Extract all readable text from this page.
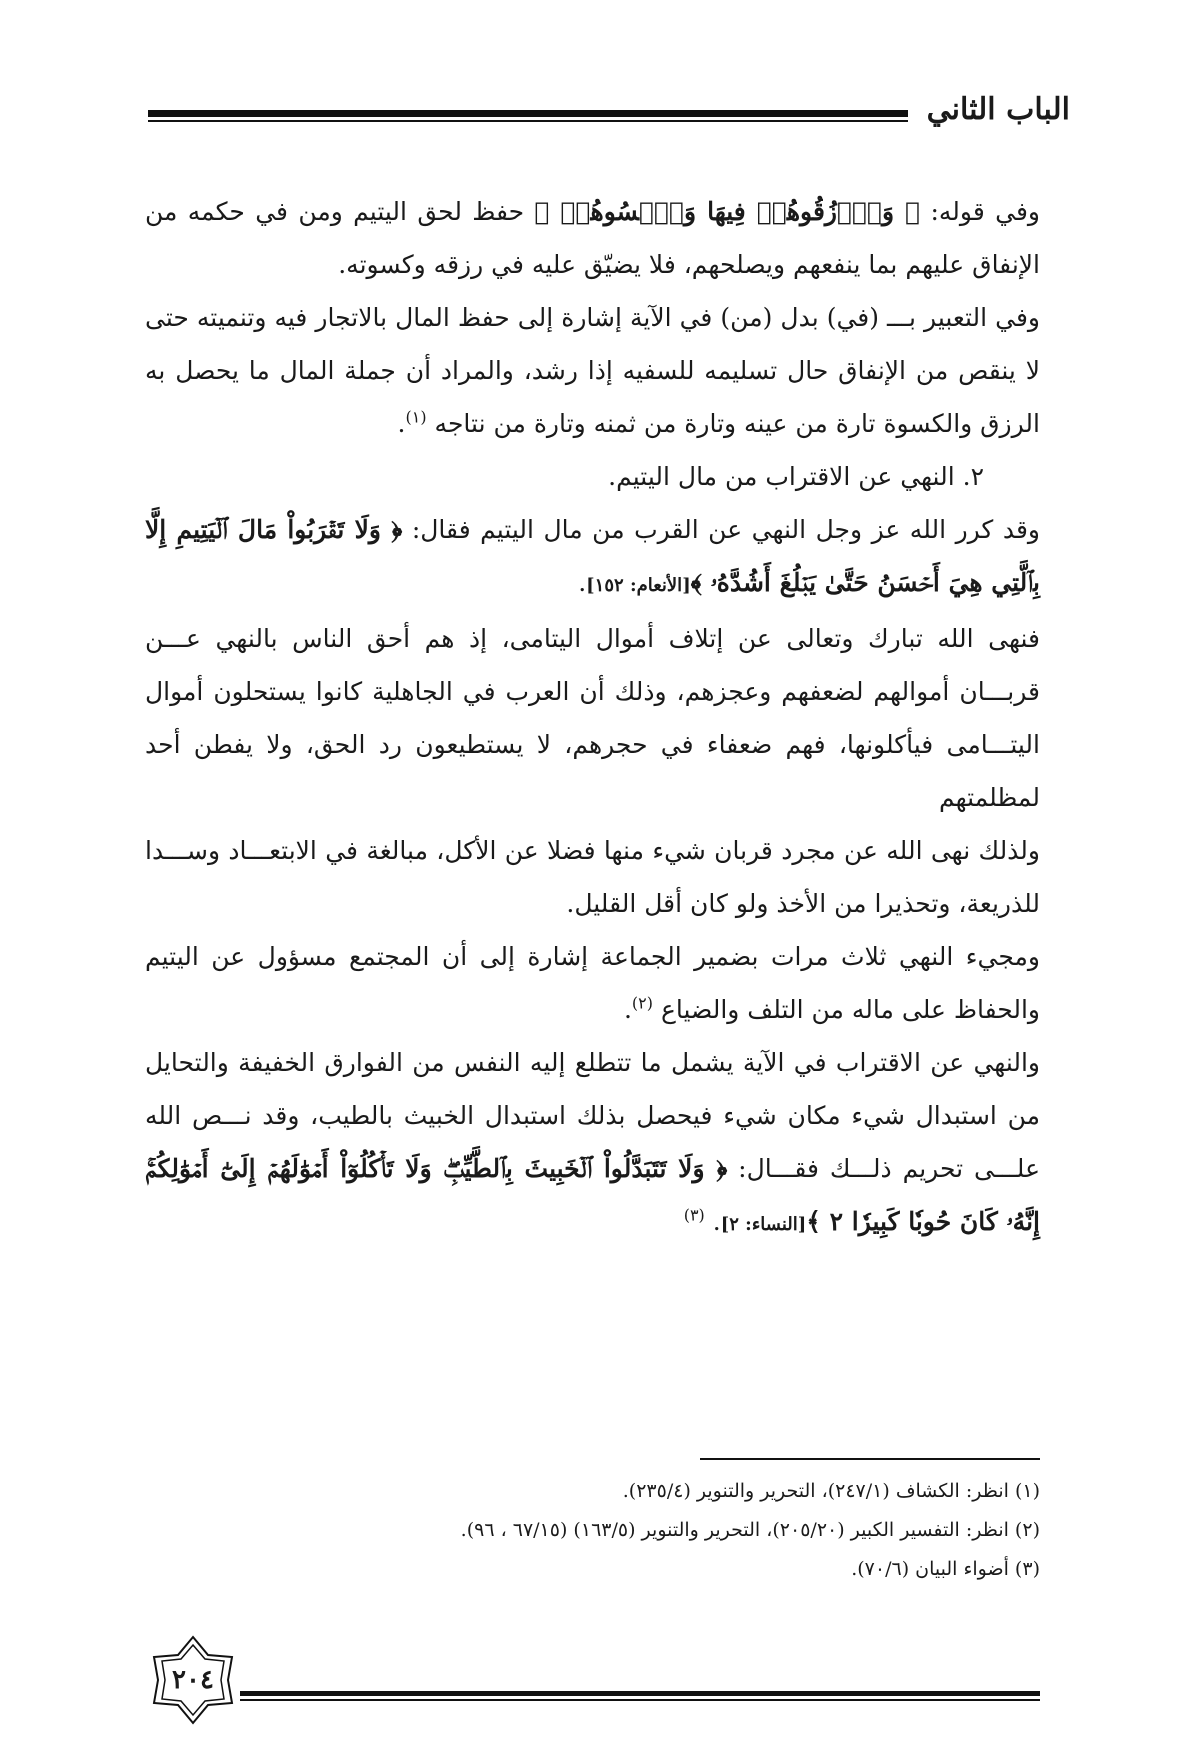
الباب الثاني

وفي قوله: ﴿ وَٱرۡزُقُوهُمۡ فِيهَا وَٱكۡسُوهُمۡ ﴾ حفظ لحق اليتيم ومن في حكمه من الإنفاق عليهم بما ينفعهم ويصلحهم، فلا يضيّق عليه في رزقه وكسوته.

وفي التعبير بـــ (في) بدل (من) في الآية إشارة إلى حفظ المال بالاتجار فيه وتنميته حتى لا ينقص من الإنفاق حال تسليمه للسفيه إذا رشد، والمراد أن جملة المال ما يحصل به الرزق والكسوة تارة من عينه وتارة من ثمنه وتارة من نتاجه $^{(١)}$.

٢. النهي عن الاقتراب من مال اليتيم.

وقد كرر الله عز وجل النهي عن القرب من مال اليتيم فقال: ﴿ وَلَا تَقۡرَبُواْ مَالَ ٱلۡيَتِيمِ إِلَّا بِٱلَّتِي هِيَ أَحۡسَنُ حَتَّىٰ يَبۡلُغَ أَشُدَّهُۥ ﴾[الأنعام: ١٥٢].

فنهى الله تبارك وتعالى عن إتلاف أموال اليتامى، إذ هم أحق الناس بالنهي عـــن قربـــان أموالهم لضعفهم وعجزهم، وذلك أن العرب في الجاهلية كانوا يستحلون أموال اليتـــامى فيأكلونها، فهم ضعفاء في حجرهم، لا يستطيعون رد الحق، ولا يفطن أحد لمظلمتهم

ولذلك نهى الله عن مجرد قربان شيء منها فضلا عن الأكل، مبالغة في الابتعـــاد وســـدا للذريعة، وتحذيرا من الأخذ ولو كان أقل القليل.

ومجيء النهي ثلاث مرات بضمير الجماعة إشارة إلى أن المجتمع مسؤول عن اليتيم والحفاظ على ماله من التلف والضياع $^{(٢)}$.

والنهي عن الاقتراب في الآية يشمل ما تتطلع إليه النفس من الفوارق الخفيفة والتحايل من استبدال شيء مكان شيء فيحصل بذلك استبدال الخبيث بالطيب، وقد نـــص الله علـــى تحريم ذلـــك فقـــال: ﴿ وَلَا تَتَبَدَّلُواْ ٱلۡخَبِيثَ بِٱلطَّيِّبِۖ وَلَا تَأۡكُلُوٓاْ أَمۡوَٰلَهُمۡ إِلَىٰٓ أَمۡوَٰلِكُمۡۚ إِنَّهُۥ كَانَ حُوبٗا كَبِيرٗا ٢ ﴾[النساء: ٢]. $^{(٣)}$

(١) انظر: الكشاف (٢٤٧/١)، التحرير والتنوير (٢٣٥/٤).

(٢) انظر: التفسير الكبير (٢٠٥/٢٠)، التحرير والتنوير (١٦٣/٥) (٦٧/١٥ ، ٩٦).

(٣) أضواء البيان (٧٠/٦).

٢٠٤
